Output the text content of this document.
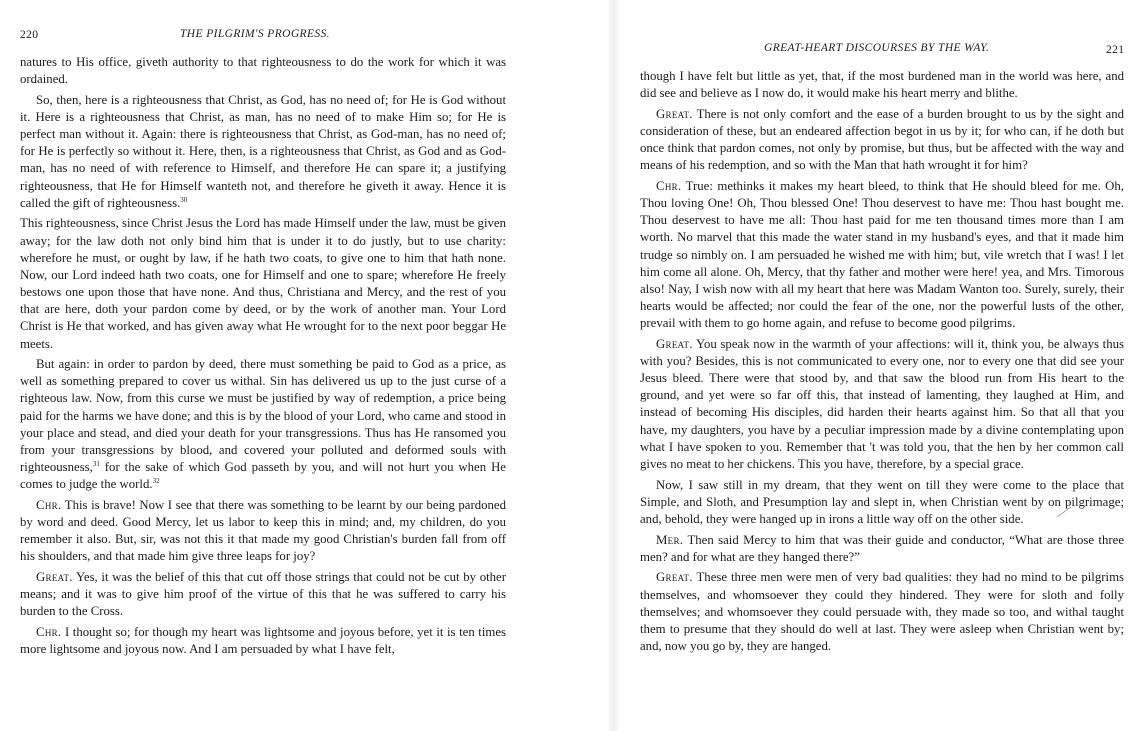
220	THE PILGRIM'S PROGRESS.

natures to His office, giveth authority to that righteousness to do the work for which it was ordained.

So, then, here is a righteousness that Christ, as God, has no need of; for He is God without it. Here is a righteousness that Christ, as man, has no need of to make Him so; for He is perfect man without it. Again: there is righteousness that Christ, as God-man, has no need of; for He is perfectly so without it. Here, then, is a righteousness that Christ, as God and as God-man, has no need of with reference to Himself, and therefore He can spare it; a justifying righteousness, that He for Himself wanteth not, and therefore he giveth it away. Hence it is called the gift of righteousness.$^{30}$

This righteousness, since Christ Jesus the Lord has made Himself under the law, must be given away; for the law doth not only bind him that is under it to do justly, but to use charity: wherefore he must, or ought by law, if he hath two coats, to give one to him that hath none. Now, our Lord indeed hath two coats, one for Himself and one to spare; wherefore He freely bestows one upon those that have none. And thus, Christiana and Mercy, and the rest of you that are here, doth your pardon come by deed, or by the work of another man. Your Lord Christ is He that worked, and has given away what He wrought for to the next poor beggar He meets.

But again: in order to pardon by deed, there must something be paid to God as a price, as well as something prepared to cover us withal. Sin has delivered us up to the just curse of a righteous law. Now, from this curse we must be justified by way of redemption, a price being paid for the harms we have done; and this is by the blood of your Lord, who came and stood in your place and stead, and died your death for your transgressions. Thus has He ransomed you from your transgressions by blood, and covered your polluted and deformed souls with righteousness,$^{31}$ for the sake of which God passeth by you, and will not hurt you when He comes to judge the world.$^{32}$

Chr. This is brave! Now I see that there was something to be learnt by our being pardoned by word and deed. Good Mercy, let us labor to keep this in mind; and, my children, do you remember it also. But, sir, was not this it that made my good Christian's burden fall from off his shoulders, and that made him give three leaps for joy?

Great. Yes, it was the belief of this that cut off those strings that could not be cut by other means; and it was to give him proof of the virtue of this that he was suffered to carry his burden to the Cross.

Chr. I thought so; for though my heart was lightsome and joyous before, yet it is ten times more lightsome and joyous now. And I am persuaded by what I have felt,

GREAT-HEART DISCOURSES BY THE WAY.	221

though I have felt but little as yet, that, if the most burdened man in the world was here, and did see and believe as I now do, it would make his heart merry and blithe.

Great. There is not only comfort and the ease of a burden brought to us by the sight and consideration of these, but an endeared affection begot in us by it; for who can, if he doth but once think that pardon comes, not only by promise, but thus, but be affected with the way and means of his redemption, and so with the Man that hath wrought it for him?

Chr. True: methinks it makes my heart bleed, to think that He should bleed for me. Oh, Thou loving One! Oh, Thou blessed One! Thou deservest to have me: Thou hast bought me. Thou deservest to have me all: Thou hast paid for me ten thousand times more than I am worth. No marvel that this made the water stand in my husband's eyes, and that it made him trudge so nimbly on. I am persuaded he wished me with him; but, vile wretch that I was! I let him come all alone. Oh, Mercy, that thy father and mother were here! yea, and Mrs. Timorous also! Nay, I wish now with all my heart that here was Madam Wanton too. Surely, surely, their hearts would be affected; nor could the fear of the one, nor the powerful lusts of the other, prevail with them to go home again, and refuse to become good pilgrims.

Great. You speak now in the warmth of your affections: will it, think you, be always thus with you? Besides, this is not communicated to every one, nor to every one that did see your Jesus bleed. There were that stood by, and that saw the blood run from His heart to the ground, and yet were so far off this, that instead of lamenting, they laughed at Him, and instead of becoming His disciples, did harden their hearts against him. So that all that you have, my daughters, you have by a peculiar impression made by a divine contemplating upon what I have spoken to you. Remember that 't was told you, that the hen by her common call gives no meat to her chickens. This you have, therefore, by a special grace.

Now, I saw still in my dream, that they went on till they were come to the place that Simple, and Sloth, and Presumption lay and slept in, when Christian went by on pilgrimage; and, behold, they were hanged up in irons a little way off on the other side.

Mer. Then said Mercy to him that was their guide and conductor, “What are those three men? and for what are they hanged there?”

Great. These three men were men of very bad qualities: they had no mind to be pilgrims themselves, and whomsoever they could they hindered. They were for sloth and folly themselves; and whomsoever they could persuade with, they made so too, and withal taught them to presume that they should do well at last. They were asleep when Christian went by; and, now you go by, they are hanged.
